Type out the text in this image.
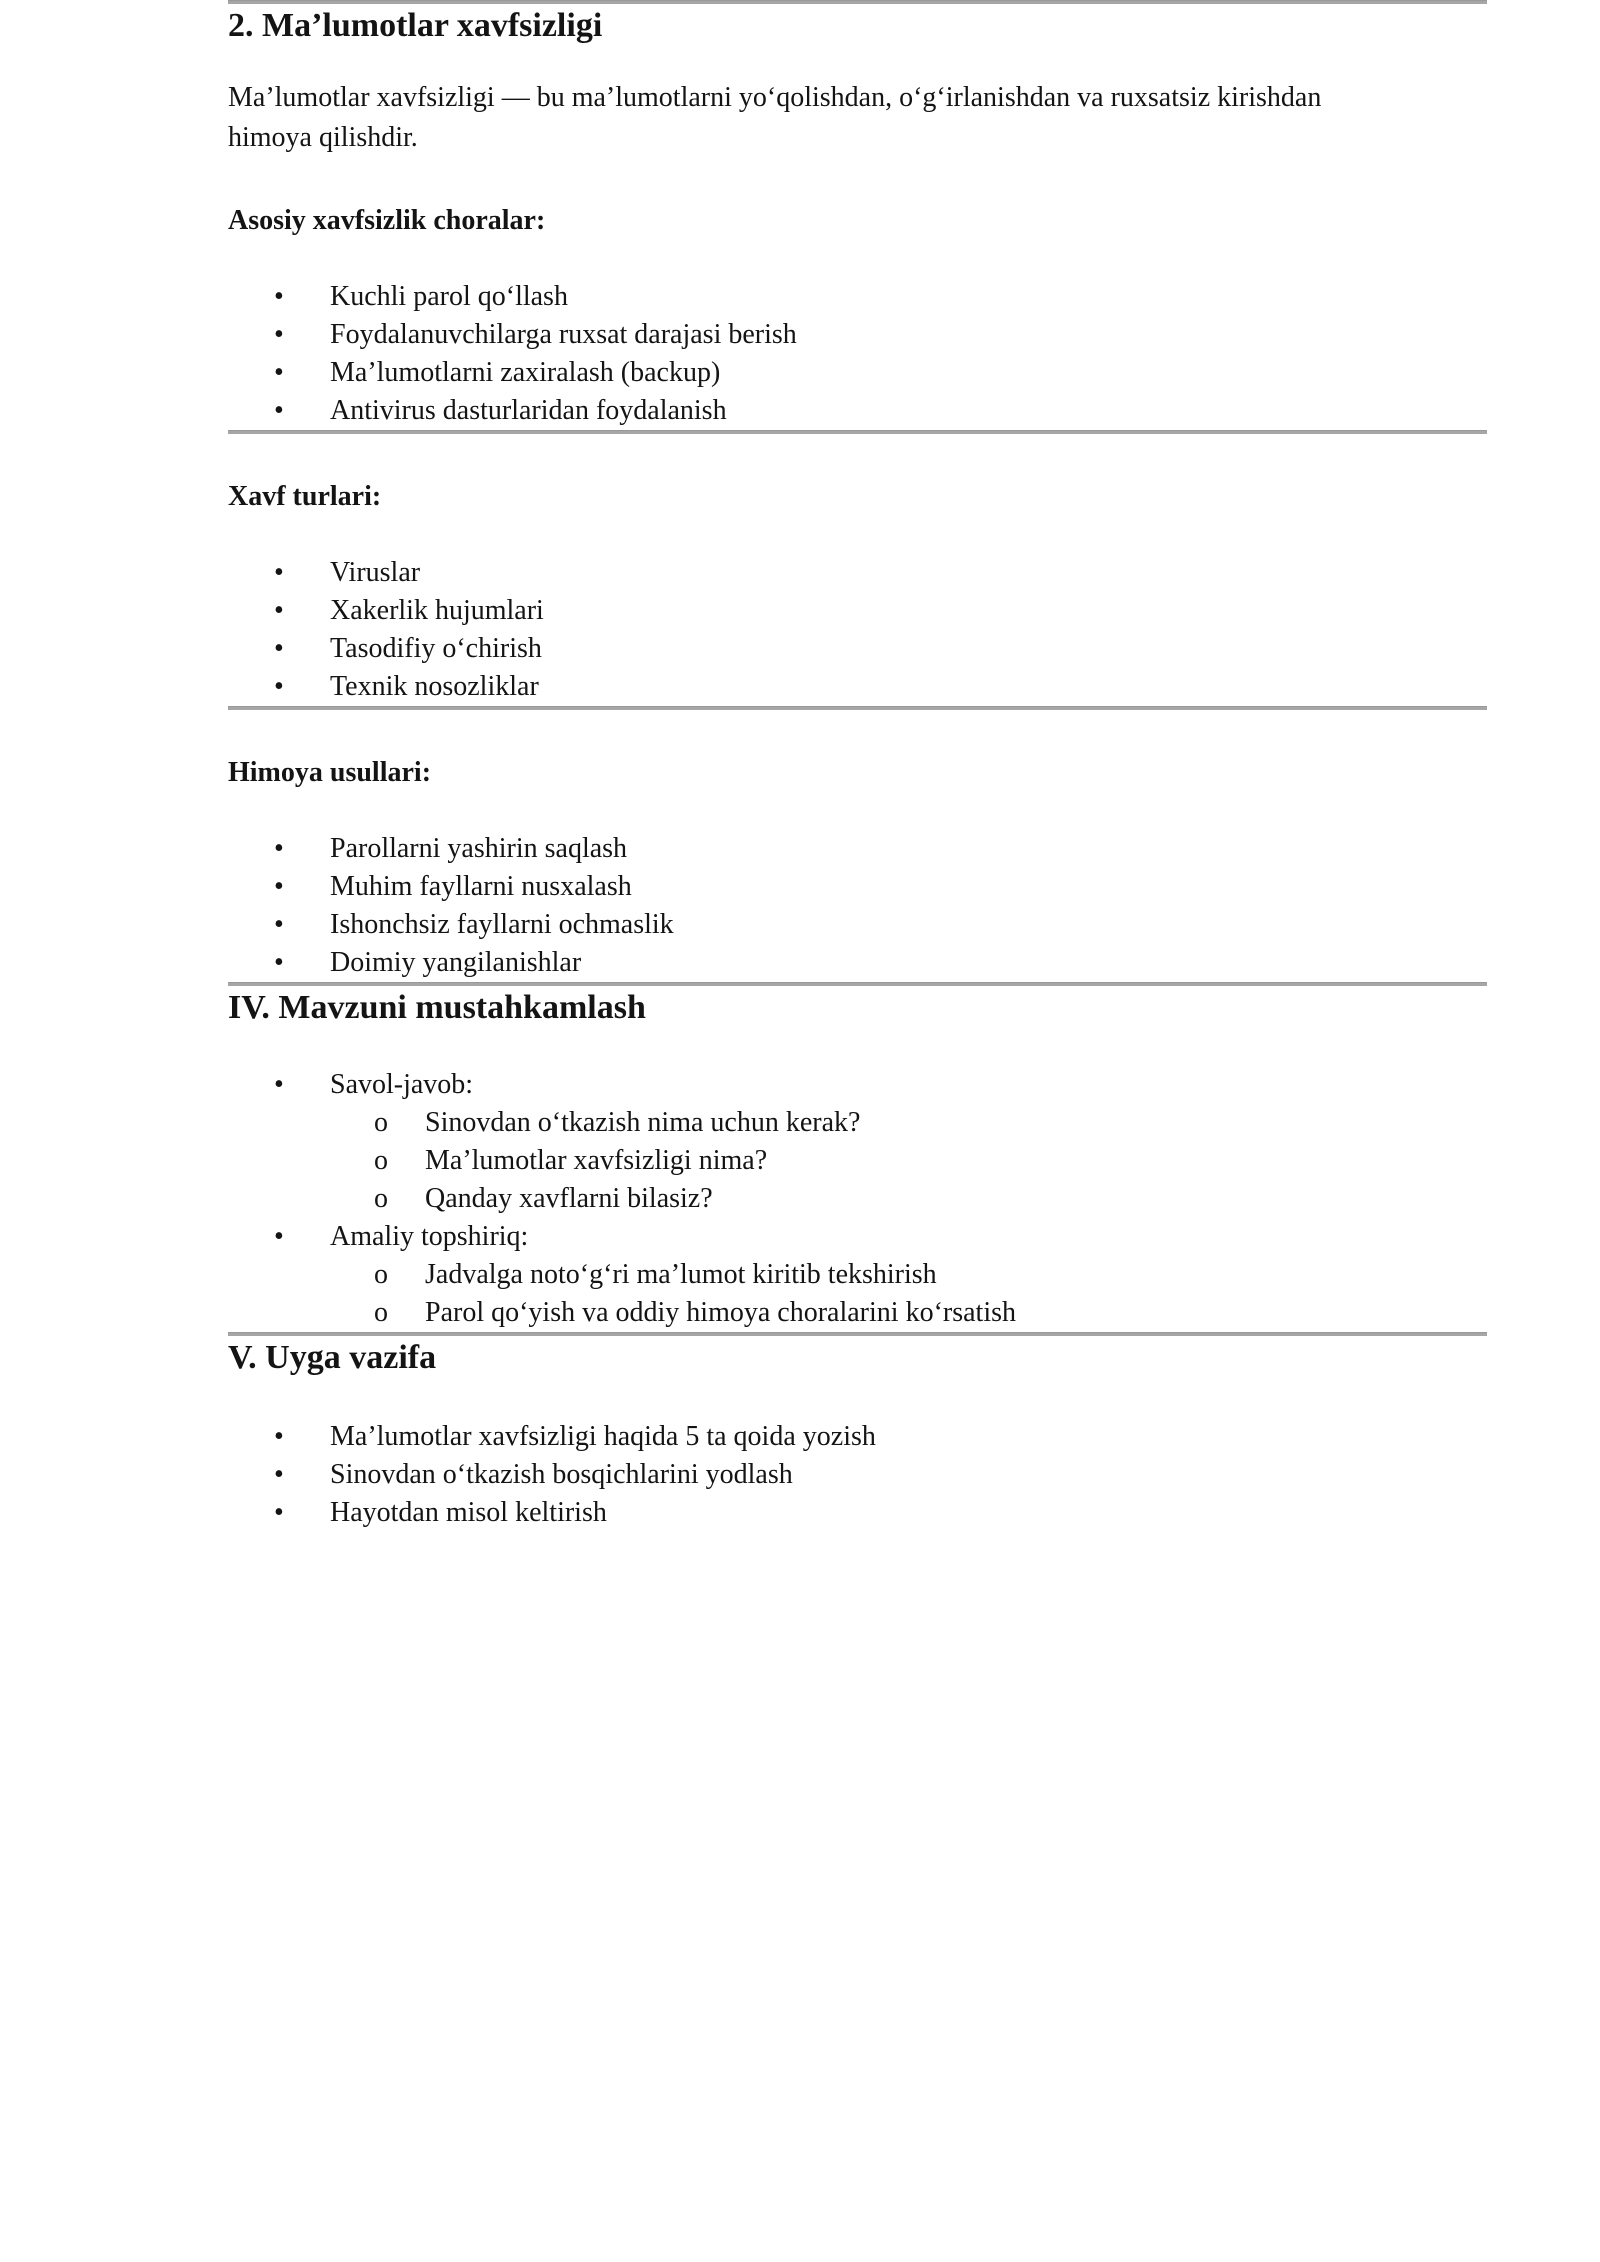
2. Ma’lumotlar xavfsizligi

Ma’lumotlar xavfsizligi — bu ma’lumotlarni yo‘qolishdan, o‘g‘irlanishdan va ruxsatsiz kirishdan himoya qilishdir.

Asosiy xavfsizlik choralar:

• Kuchli parol qo‘llash
• Foydalanuvchilarga ruxsat darajasi berish
• Ma’lumotlarni zaxiralash (backup)
• Antivirus dasturlaridan foydalanish

Xavf turlari:

• Viruslar
• Xakerlik hujumlari
• Tasodifiy o‘chirish
• Texnik nosozliklar

Himoya usullari:

• Parollarni yashirin saqlash
• Muhim fayllarni nusxalash
• Ishonchsiz fayllarni ochmaslik
• Doimiy yangilanishlar
IV. Mavzuni mustahkamlash
• Savol-javob:
o Sinovdan o‘tkazish nima uchun kerak?
o Ma’lumotlar xavfsizligi nima?
o Qanday xavflarni bilasiz?
• Amaliy topshiriq:
o Jadvalga noto‘g‘ri ma’lumot kiritib tekshirish
o Parol qo‘yish va oddiy himoya choralarini ko‘rsatish
V. Uyga vazifa
• Ma’lumotlar xavfsizligi haqida 5 ta qoida yozish
• Sinovdan o‘tkazish bosqichlarini yodlash
• Hayotdan misol keltirish
